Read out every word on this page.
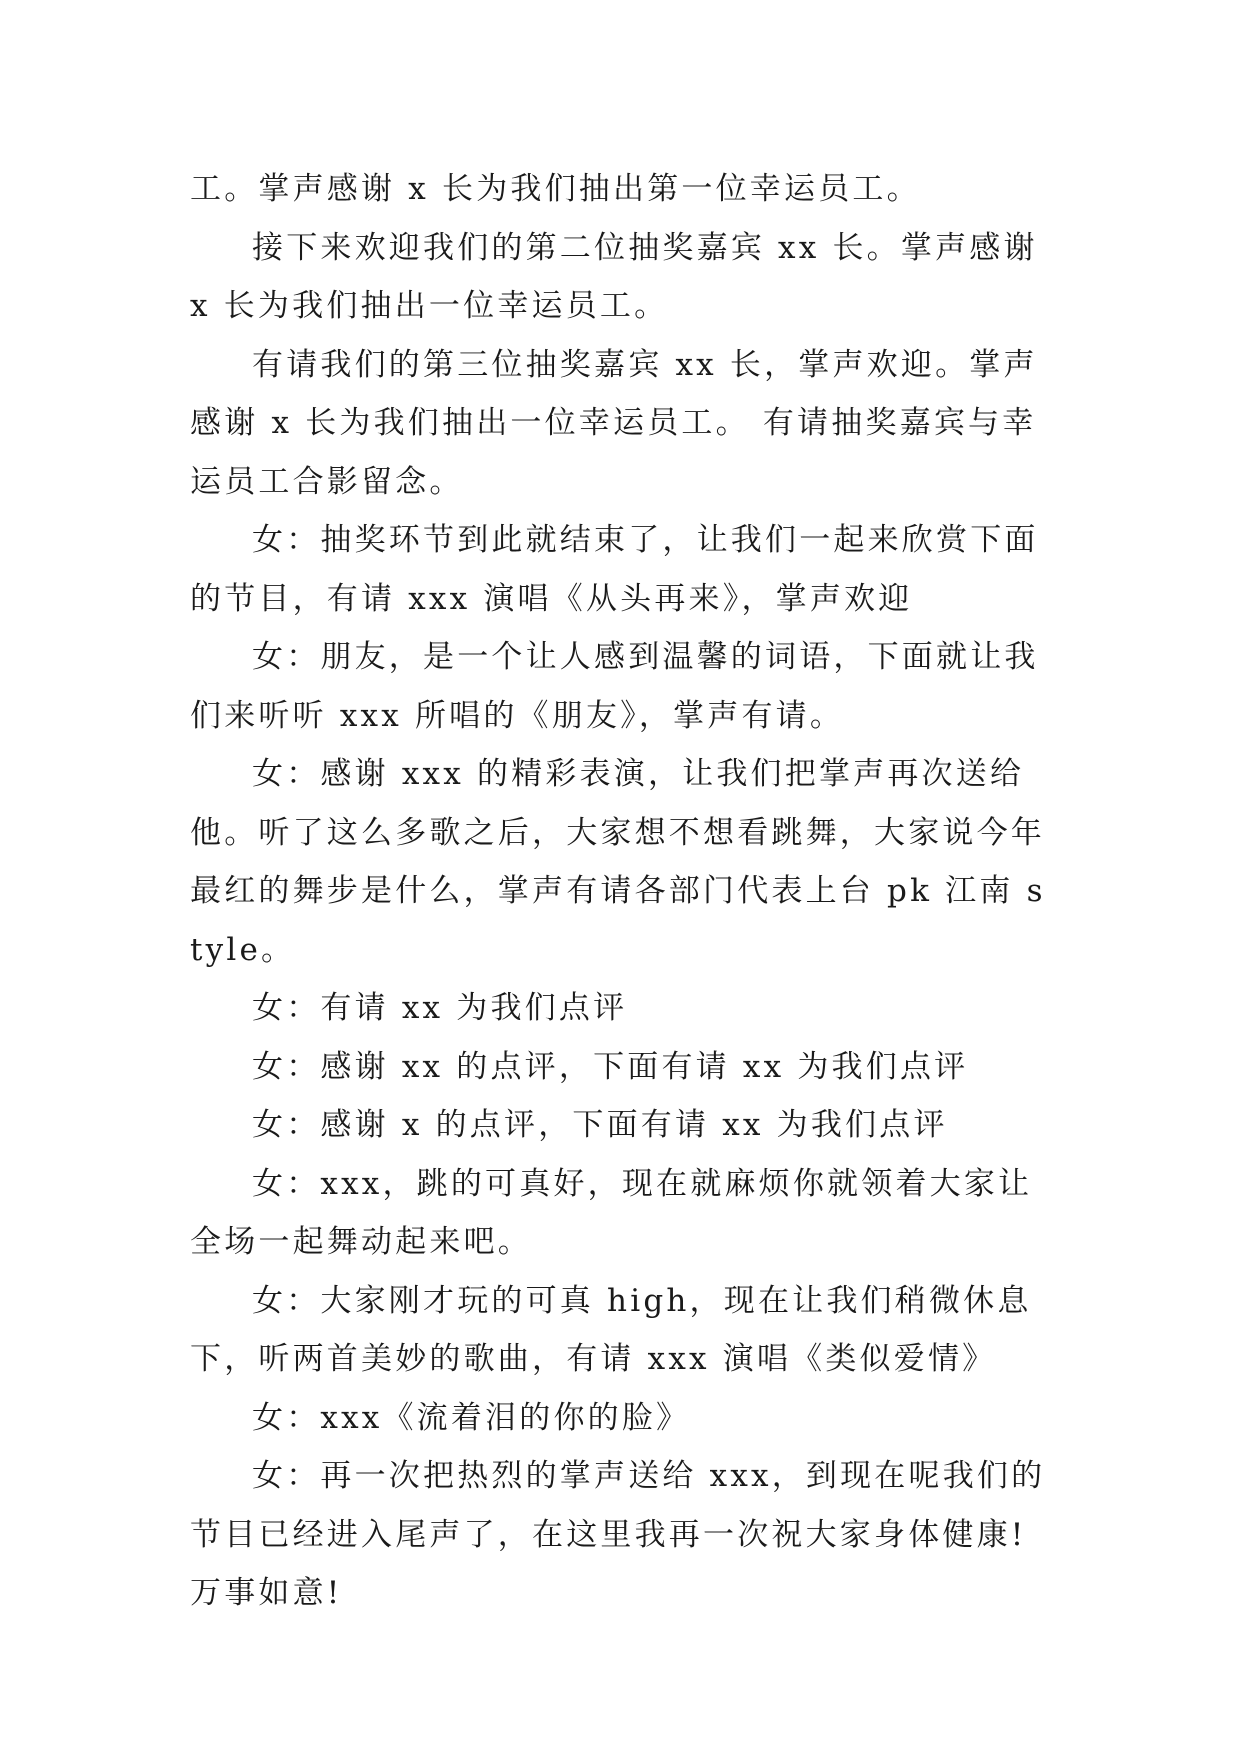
工。掌声感谢 x 长为我们抽出第一位幸运员工。

接下来欢迎我们的第二位抽奖嘉宾 xx 长。掌声感谢 x 长为我们抽出一位幸运员工。

有请我们的第三位抽奖嘉宾 xx 长，掌声欢迎。掌声感谢 x 长为我们抽出一位幸运员工。 有请抽奖嘉宾与幸运员工合影留念。

女：抽奖环节到此就结束了，让我们一起来欣赏下面的节目，有请 xxx 演唱《从头再来》，掌声欢迎

女：朋友，是一个让人感到温馨的词语，下面就让我们来听听 xxx 所唱的《朋友》，掌声有请。

女：感谢 xxx 的精彩表演，让我们把掌声再次送给他。听了这么多歌之后，大家想不想看跳舞，大家说今年最红的舞步是什么，掌声有请各部门代表上台 pk 江南 style。

女：有请 xx 为我们点评

女：感谢 xx 的点评，下面有请 xx 为我们点评

女：感谢 x 的点评，下面有请 xx 为我们点评

女：xxx，跳的可真好，现在就麻烦你就领着大家让全场一起舞动起来吧。

女：大家刚才玩的可真 high，现在让我们稍微休息下，听两首美妙的歌曲，有请 xxx 演唱《类似爱情》

女：xxx《流着泪的你的脸》

女：再一次把热烈的掌声送给 xxx，到现在呢我们的节目已经进入尾声了，在这里我再一次祝大家身体健康!万事如意!
